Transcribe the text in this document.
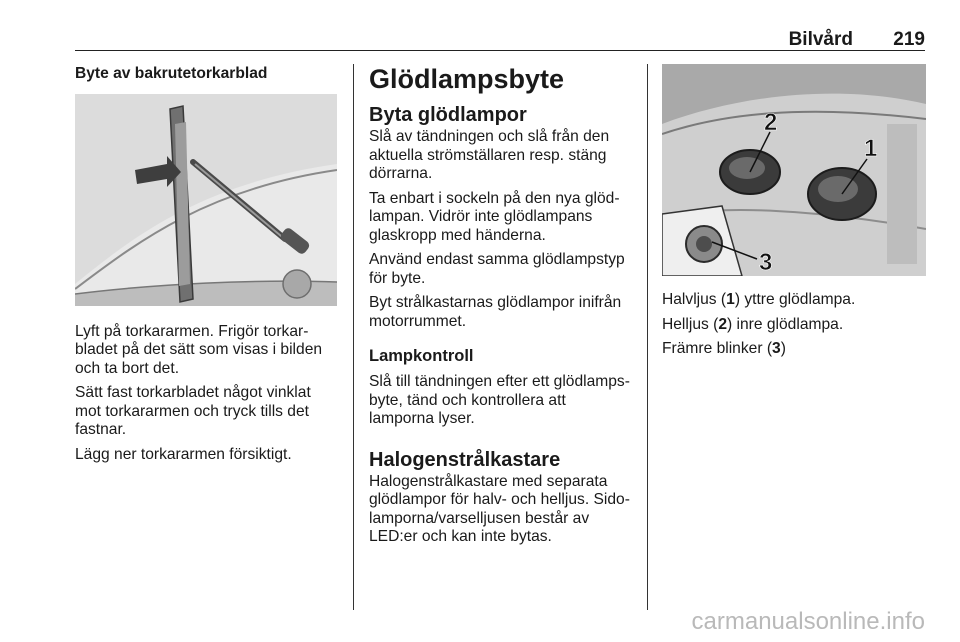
Bilvård 219
Byte av bakrutetorkarblad

Lyft på torkararmen. Frigör torkar-
bladet på det sätt som visas i bilden
och ta bort det.

Sätt fast torkarbladet något vinklat
mot torkararmen och tryck tills det
fastnar.

Lägg ner torkararmen försiktigt.

Glödlampsbyte
Byta glödlampor

Slå av tändningen och slå från den
aktuella strömställaren resp. stäng
dörrarna.

Ta enbart i sockeln på den nya glöd-
lampan. Vidrör inte glödlampans
glaskropp med händerna.

Använd endast samma glödlampstyp
för byte.

Byt strålkastarnas glödlampor inifrån
motorrummet.

Lampkontroll

Slå till tändningen efter ett glödlamps-
byte, tänd och kontrollera att
lamporna lyser.

Halogenstrålkastare

Halogenstrålkastare med separata
glödlampor för halv- och helljus. Sido-
lamporna/varselljusen består av
LED:er och kan inte bytas.

2
1
3

Halvljus (1) yttre glödlampa.

Helljus (2) inre glödlampa.

Främre blinker (3)

carmanualsonline.info
